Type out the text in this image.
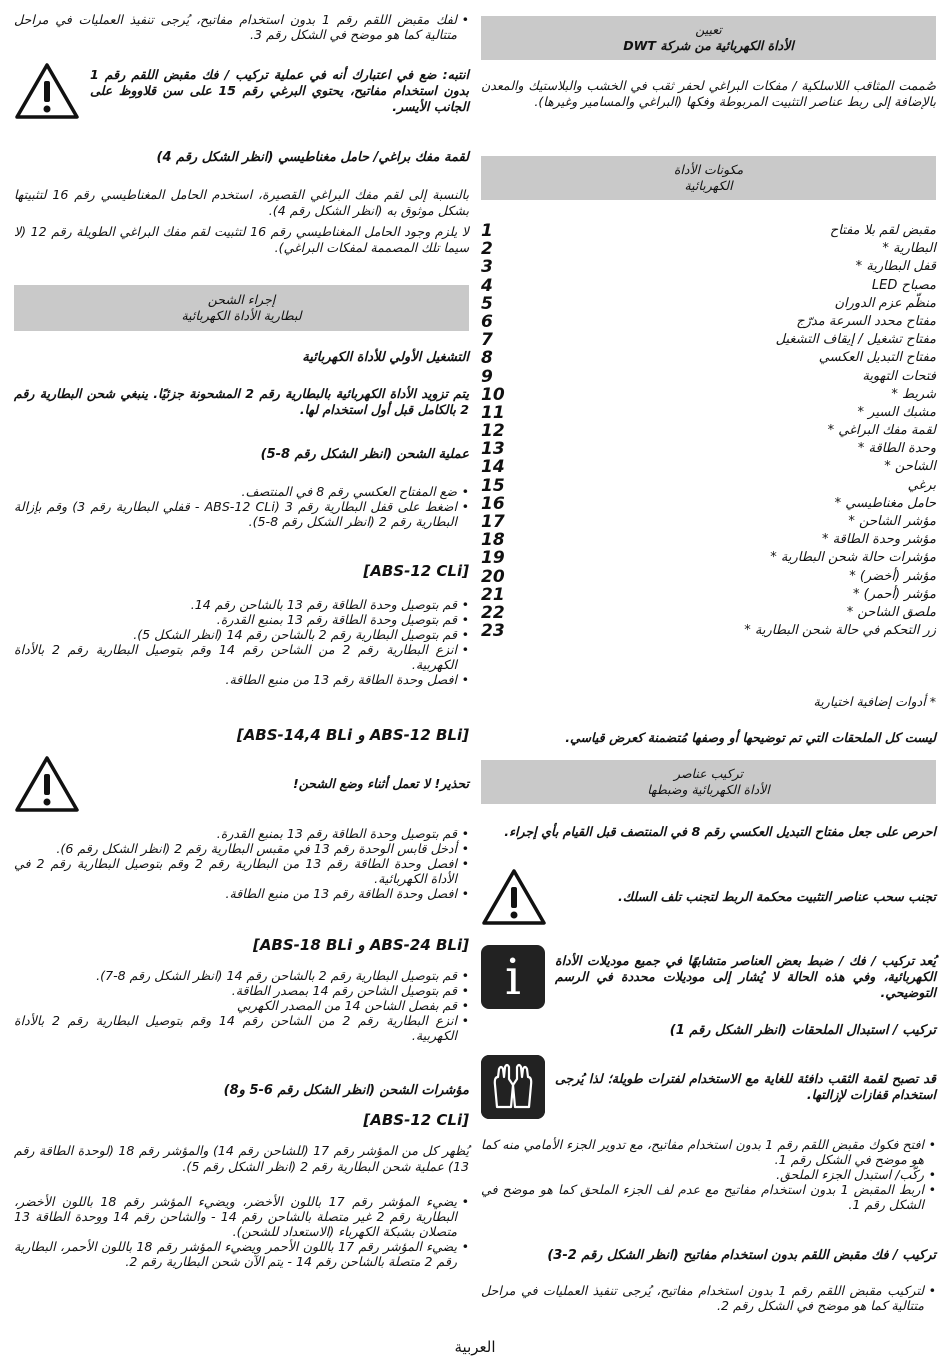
تعيين
الأداة الكهربائية من شركة DWT
صُممت المثاقب اللاسلكية / مفكات البراغي لحفر ثقب في الخشب والبلاستيك والمعدن بالإضافة إلى ربط عناصر التثبيت المربوطة وفكها (البراغي والمسامير وغيرها).
مكونات الأداة
الكهربائية
مقبض لقم بلا مفتاح
1
البطارية *
2
قفل البطارية *
3
مصباح LED
4
منظّم عزم الدوران
5
مفتاح محدد السرعة مدرّج
6
مفتاح تشغيل / إيقاف التشغيل
7
مفتاح التبديل العكسي
8
فتحات التهوية
9
شريط *
10
مشبك السير *
11
لقمة مفك البراغي *
12
وحدة الطاقة *
13
الشاحن *
14
برغي
15
حامل مغناطيسي *
16
مؤشر الشاحن *
17
مؤشر وحدة الطاقة *
18
مؤشرات حالة شحن البطارية *
19
مؤشر (أخضر) *
20
مؤشر (أحمر) *
21
ملصق الشاحن *
22
زر التحكم في حالة شحن البطارية *
23
* أدوات إضافية اختيارية
ليست كل الملحقات التي تم توضيحها أو وصفها مُتضمنة كعرض قياسي.
تركيب عناصر
الأداة الكهربائية وضبطها
احرص على جعل مفتاح التبديل العكسي رقم 8 في المنتصف قبل القيام بأي إجراء.
تجنب سحب عناصر التثبيت محكمة الربط لتجنب تلف السلك.
يُعد تركيب / فك / ضبط بعض العناصر متشابهًا في جميع موديلات الأداة الكهربائية، وفي هذه الحالة لا يُشار إلى موديلات محددة في الرسم التوضيحي.
i
تركيب / استبدال الملحقات (انظر الشكل رقم 1)
قد تصبح لقمة الثقب دافئة للغاية مع الاستخدام لفترات طويلة؛ لذا يُرجى استخدام قفازات لإزالتها.
• افتح فكوك مقبض اللقم رقم 1 بدون استخدام مفاتيح، مع تدوير الجزء الأمامي منه كما هو موضح في الشكل رقم 1.
• ركّب/ استبدل الجزء الملحق.
• اربط المقبض 1 بدون استخدام مفاتيح مع عدم لف الجزء الملحق كما هو موضح في الشكل رقم 1.
تركيب / فك مقبض اللقم بدون استخدام مفاتيح (انظر الشكل رقم 2-3)
• لتركيب مقبض اللقم رقم 1 بدون استخدام مفاتيح، يُرجى تنفيذ العمليات في مراحل متتالية كما هو موضح في الشكل رقم 2.
• لفك مقبض اللقم رقم 1 بدون استخدام مفاتيح، يُرجى تنفيذ العمليات في مراحل متتالية كما هو موضح في الشكل رقم 3.
انتبه: ضع في اعتبارك أنه في عملية تركيب / فك مقبض اللقم رقم 1 بدون استخدام مفاتيح، يحتوي البرغي رقم 15 على سن قلاووظ على الجانب الأيسر.
لقمة مفك براغي/ حامل مغناطيسي (انظر الشكل رقم 4)
بالنسبة إلى لقم مفك البراغي القصيرة، استخدم الحامل المغناطيسي رقم 16 لتثبيتها بشكل موثوق به (انظر الشكل رقم 4).
لا يلزم وجود الحامل المغناطيسي رقم 16 لتثبيت لقم مفك البراغي الطويلة رقم 12 (لا سيما تلك المصممة لمفكات البراغي).
إجراء الشحن
لبطارية الأداة الكهربائية
التشغيل الأولي للأداة الكهربائية
يتم تزويد الأداة الكهربائية بالبطارية رقم 2 المشحونة جزئيًا. ينبغي شحن البطارية رقم 2 بالكامل قبل أول استخدام لها.
عملية الشحن (انظر الشكل رقم 8-5)
• ضع المفتاح العكسي رقم 8 في المنتصف.
• اضغط على قفل البطارية رقم 3 (ABS-12 CLi - قفلي البطارية رقم 3) وقم بإزالة البطارية رقم 2 (انظر الشكل رقم 8-5).
[ABS-12 CLi]
• قم بتوصيل وحدة الطاقة رقم 13 بالشاحن رقم 14.
• قم بتوصيل وحدة الطاقة رقم 13 بمنبع القدرة.
• قم بتوصيل البطارية رقم 2 بالشاحن رقم 14 (انظر الشكل 5).
• انزع البطارية رقم 2 من الشاحن رقم 14 وقم بتوصيل البطارية رقم 2 بالأداة الكهربية.
• افصل وحدة الطاقة رقم 13 من منبع الطاقة.
[ABS-12 BLi و ABS-14,4 BLi]
تحذير! لا تعمل أثناء وضع الشحن!
• قم بتوصيل وحدة الطاقة رقم 13 بمنبع القدرة.
• أدخل قابس الوحدة رقم 13 في مقبس البطارية رقم 2 (انظر الشكل رقم 6).
• افصل وحدة الطاقة رقم 13 من البطارية رقم 2 وقم بتوصيل البطارية رقم 2 في الأداة الكهربائية.
• افصل وحدة الطاقة رقم 13 من منبع الطاقة.
[ABS-24 BLi و ABS-18 BLi]
• قم بتوصيل البطارية رقم 2 بالشاحن رقم 14 (انظر الشكل رقم 8-7).
• قم بتوصيل الشاحن رقم 14 بمصدر الطاقة.
• قم بفصل الشاحن 14 من المصدر الكهربي
• انزع البطارية رقم 2 من الشاحن رقم 14 وقم بتوصيل البطارية رقم 2 بالأداة الكهربية.
مؤشرات الشحن (انظر الشكل رقم 6-5 و8)
[ABS-12 CLi]
يُظهر كل من المؤشر رقم 17 (للشاحن رقم 14) والمؤشر رقم 18 (لوحدة الطاقة رقم 13) عملية شحن البطارية رقم 2 (انظر الشكل رقم 5).
• يضيء المؤشر رقم 17 باللون الأخضر، ويضيء المؤشر رقم 18 باللون الأخضر، البطارية رقم 2 غير متصلة بالشاحن رقم 14 - والشاحن رقم 14 ووحدة الطاقة 13 متصلان بشبكة الكهرباء (الاستعداد للشحن).
• يضيء المؤشر رقم 17 باللون الأحمر ويضيء المؤشر رقم 18 باللون الأحمر، البطارية رقم 2 متصلة بالشاحن رقم 14 - يتم الآن شحن البطارية رقم 2.
العربية
